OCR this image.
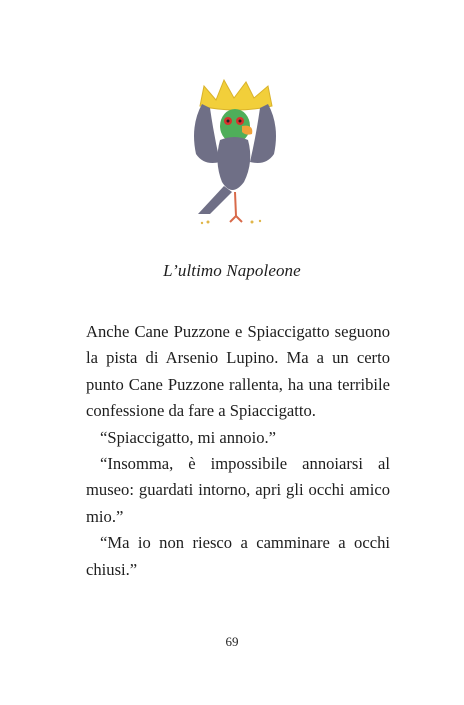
L’ultimo Napoleone

Anche Cane Puzzone e Spiaccigatto seguono la pista di Arsenio Lupino. Ma a un certo punto Cane Puzzone rallenta, ha una terribile confessione da fare a Spiaccigatto.

“Spiaccigatto, mi annoio.”

“Insomma, è impossibile annoiarsi al museo: guardati intorno, apri gli occhi amico mio.”

“Ma io non riesco a camminare a occhi chiusi.”

69
